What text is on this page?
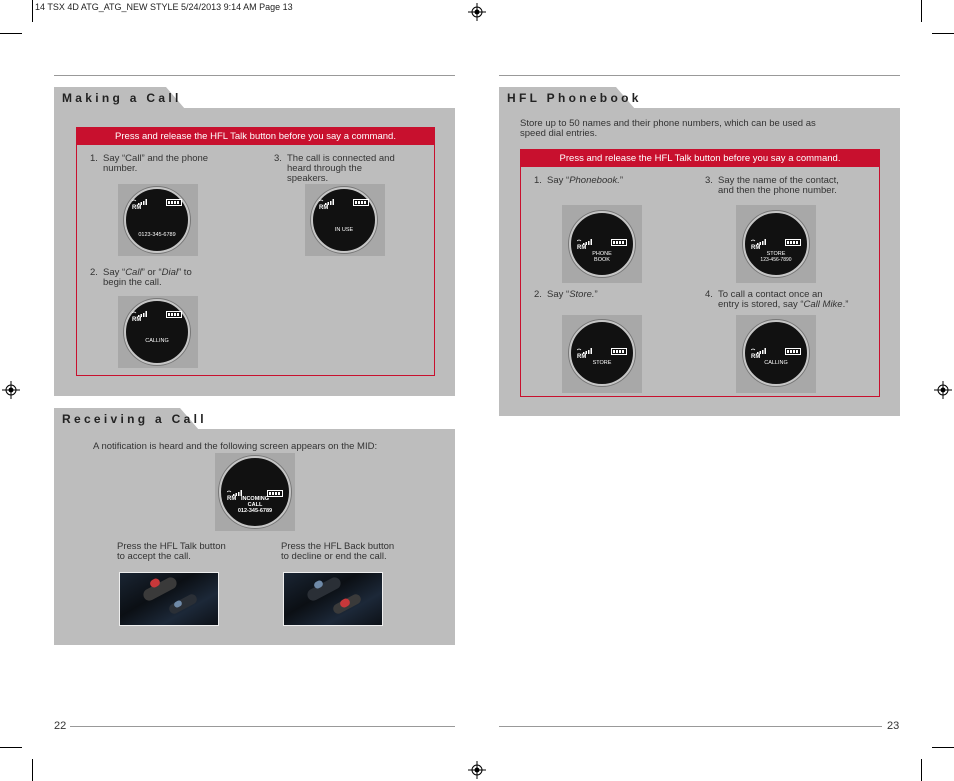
14 TSX 4D ATG_ATG_NEW STYLE 5/24/2013 9:14 AM Page 13
Making a Call
Press and release the HFL Talk button before you say a command.
1. Say “Call” and the phone
number.
RM
0123-345-6789
2. Say “Call” or “Dial” to
begin the call.
RM
CALLING
3. The call is connected and
heard through the
speakers.
RM
IN USE
Receiving a Call
A notification is heard and the following screen appears on the MID:
RM INCOMING
CALL
012-345-6789
Press the HFL Talk button
to accept the call.
Press the HFL Back button
to decline or end the call.
HFL Phonebook
Store up to 50 names and their phone numbers, which can be used as
speed dial entries.
Press and release the HFL Talk button before you say a command.
1. Say “Phonebook.”
RM
PHONE
BOOK
2. Say “Store.”
RM
STORE
3. Say the name of the contact,
and then the phone number.
RM
STORE
123-456-7890
4. To call a contact once an
entry is stored, say “Call Mike.”
RM
CALLING
22	23
